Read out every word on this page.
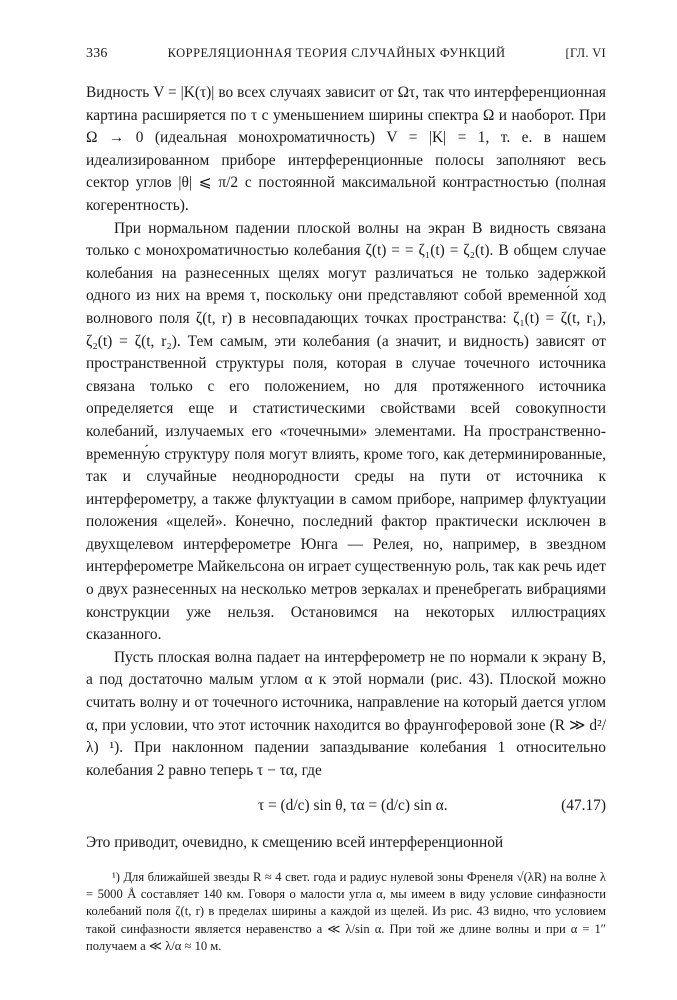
336	КОРРЕЛЯЦИОННАЯ ТЕОРИЯ СЛУЧАЙНЫХ ФУНКЦИЙ	[ГЛ. VI

Видность V = |K(τ)| во всех случаях зависит от Ωτ, так что интерференционная картина расширяется по τ с уменьшением ширины спектра Ω и наоборот. При Ω → 0 (идеальная монохроматичность) V = |K| = 1, т. е. в нашем идеализированном приборе интерференционные полосы заполняют весь сектор углов |θ| ⩽ π/2 с постоянной максимальной контрастностью (полная когерентность).

При нормальном падении плоской волны на экран B видность связана только с монохроматичностью колебания ζ(t) = = ζ₁(t) = ζ₂(t). В общем случае колебания на разнесенных щелях могут различаться не только задержкой одного из них на время τ, поскольку они представляют собой временно́й ход волнового поля ζ(t, r) в несовпадающих точках пространства: ζ₁(t) = ζ(t, r₁), ζ₂(t) = ζ(t, r₂). Тем самым, эти колебания (а значит, и видность) зависят от пространственной структуры поля, которая в случае точечного источника связана только с его положением, но для протяженного источника определяется еще и статистическими свойствами всей совокупности колебаний, излучаемых его «точечными» элементами. На пространственно-временну́ю структуру поля могут влиять, кроме того, как детерминированные, так и случайные неоднородности среды на пути от источника к интерферометру, а также флуктуации в самом приборе, например флуктуации положения «щелей». Конечно, последний фактор практически исключен в двухщелевом интерферометре Юнга — Релея, но, например, в звездном интерферометре Майкельсона он играет существенную роль, так как речь идет о двух разнесенных на несколько метров зеркалах и пренебрегать вибрациями конструкции уже нельзя. Остановимся на некоторых иллюстрациях сказанного.

Пусть плоская волна падает на интерферометр не по нормали к экрану B, а под достаточно малым углом α к этой нормали (рис. 43). Плоской можно считать волну и от точечного источника, направление на который дается углом α, при условии, что этот источник находится во фраунгоферовой зоне (R ≫ d²/λ) ¹). При наклонном падении запаздывание колебания 1 относительно колебания 2 равно теперь τ − τα, где

τ = (d/c) sin θ, τα = (d/c) sin α.	(47.17)

Это приводит, очевидно, к смещению всей интерференционной

¹) Для ближайшей звезды R ≈ 4 свет. года и радиус нулевой зоны Френеля √(λR) на волне λ = 5000 Å составляет 140 км. Говоря о малости угла α, мы имеем в виду условие синфазности колебаний поля ζ(t, r) в пределах ширины a каждой из щелей. Из рис. 43 видно, что условием такой синфазности является неравенство a ≪ λ/sin α. При той же длине волны и при α = 1″ получаем a ≪ λ/α ≈ 10 м.
